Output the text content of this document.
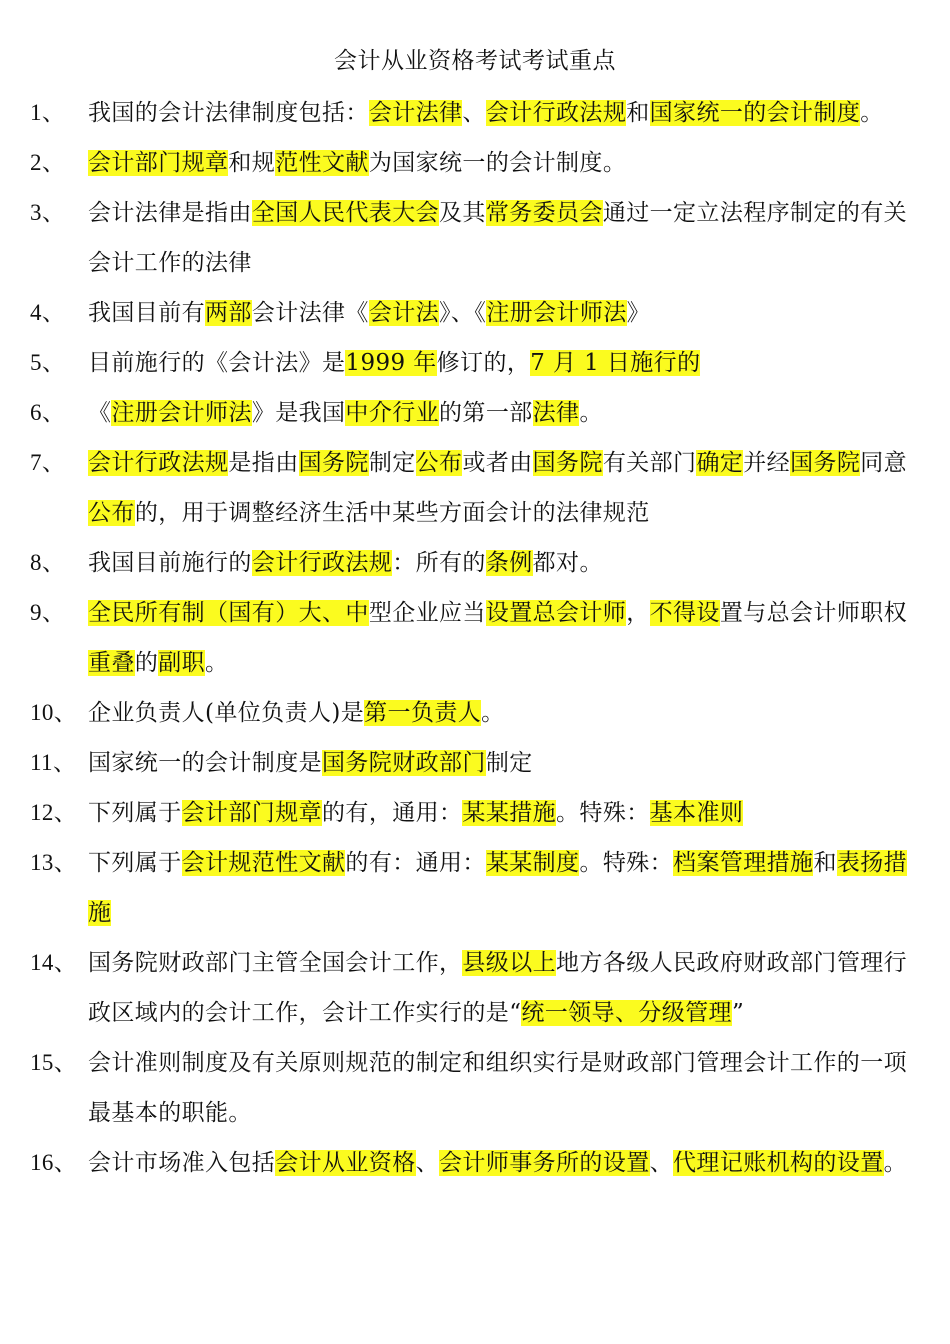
会计从业资格考试考试重点
1、 我国的会计法律制度包括：会计法律、会计行政法规和国家统一的会计制度。
2、 会计部门规章和规范性文献为国家统一的会计制度。
3、 会计法律是指由全国人民代表大会及其常务委员会通过一定立法程序制定的有关会计工作的法律
4、 我国目前有两部会计法律《会计法》、《注册会计师法》
5、 目前施行的《会计法》是1999 年修订的，7 月 1 日施行的
6、 《注册会计师法》是我国中介行业的第一部法律。
7、 会计行政法规是指由国务院制定公布或者由国务院有关部门确定并经国务院同意公布的，用于调整经济生活中某些方面会计的法律规范
8、 我国目前施行的会计行政法规：所有的条例都对。
9、 全民所有制（国有）大、中型企业应当设置总会计师，不得设置与总会计师职权重叠的副职。
10、 企业负责人(单位负责人)是第一负责人。
11、 国家统一的会计制度是国务院财政部门制定
12、 下列属于会计部门规章的有，通用：某某措施。特殊：基本准则
13、 下列属于会计规范性文献的有：通用：某某制度。特殊：档案管理措施和表扬措施
14、 国务院财政部门主管全国会计工作，县级以上地方各级人民政府财政部门管理行政区域内的会计工作，会计工作实行的是“统一领导、分级管理”
15、 会计准则制度及有关原则规范的制定和组织实行是财政部门管理会计工作的一项最基本的职能。
16、 会计市场准入包括会计从业资格、会计师事务所的设置、代理记账机构的设置。
